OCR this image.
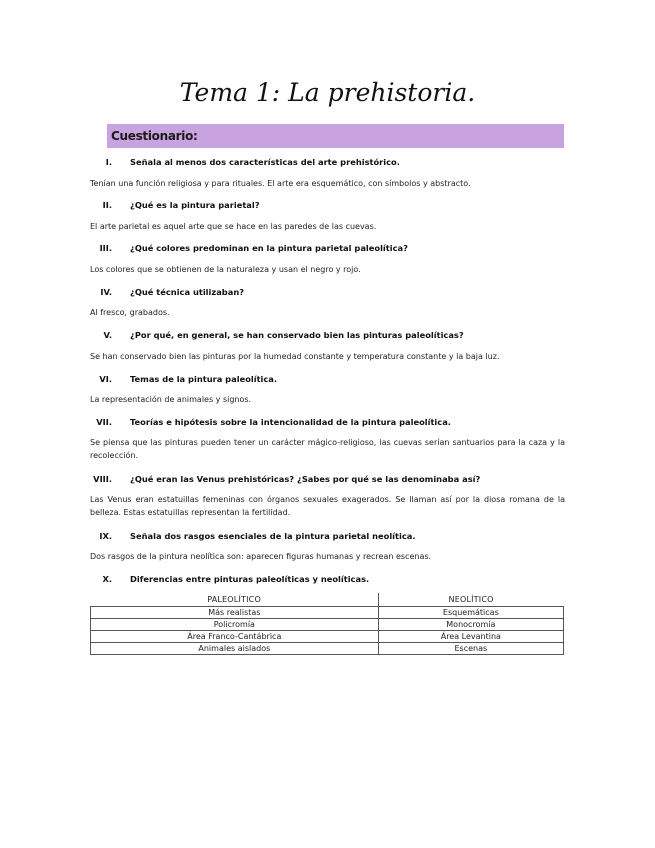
Tema 1: La prehistoria.
Cuestionario:
I. Señala al menos dos características del arte prehistórico.
Tenían una función religiosa y para rituales. El arte era esquemático, con símbolos y abstracto.
II. ¿Qué es la pintura parietal?
El arte parietal es aquel arte que se hace en las paredes de las cuevas.
III. ¿Qué colores predominan en la pintura parietal paleolítica?
Los colores que se obtienen de la naturaleza y usan el negro y rojo.
IV. ¿Qué técnica utilizaban?
Al fresco, grabados.
V. ¿Por qué, en general, se han conservado bien las pinturas paleolíticas?
Se han conservado bien las pinturas por la humedad constante y temperatura constante y la baja luz.
VI. Temas de la pintura paleolítica.
La representación de animales y signos.
VII. Teorías e hipótesis sobre la intencionalidad de la pintura paleolítica.
Se piensa que las pinturas pueden tener un carácter mágico-religioso, las cuevas serían santuarios para la caza y la recolección.
VIII. ¿Qué eran las Venus prehistóricas? ¿Sabes por qué se las denominaba así?
Las Venus eran estatuillas femeninas con órganos sexuales exagerados. Se llaman así por la diosa romana de la belleza. Estas estatuillas representan la fertilidad.
IX. Señala dos rasgos esenciales de la pintura parietal neolítica.
Dos rasgos de la pintura neolítica son: aparecen figuras humanas y recrean escenas.
X. Diferencias entre pinturas paleolíticas y neolíticas.
PALEOLÍTICO	NEOLÍTICO
Más realistas	Esquemáticas
Policromía	Monocromía
Área Franco-Cantábrica	Área Levantina
Animales aislados	Escenas
